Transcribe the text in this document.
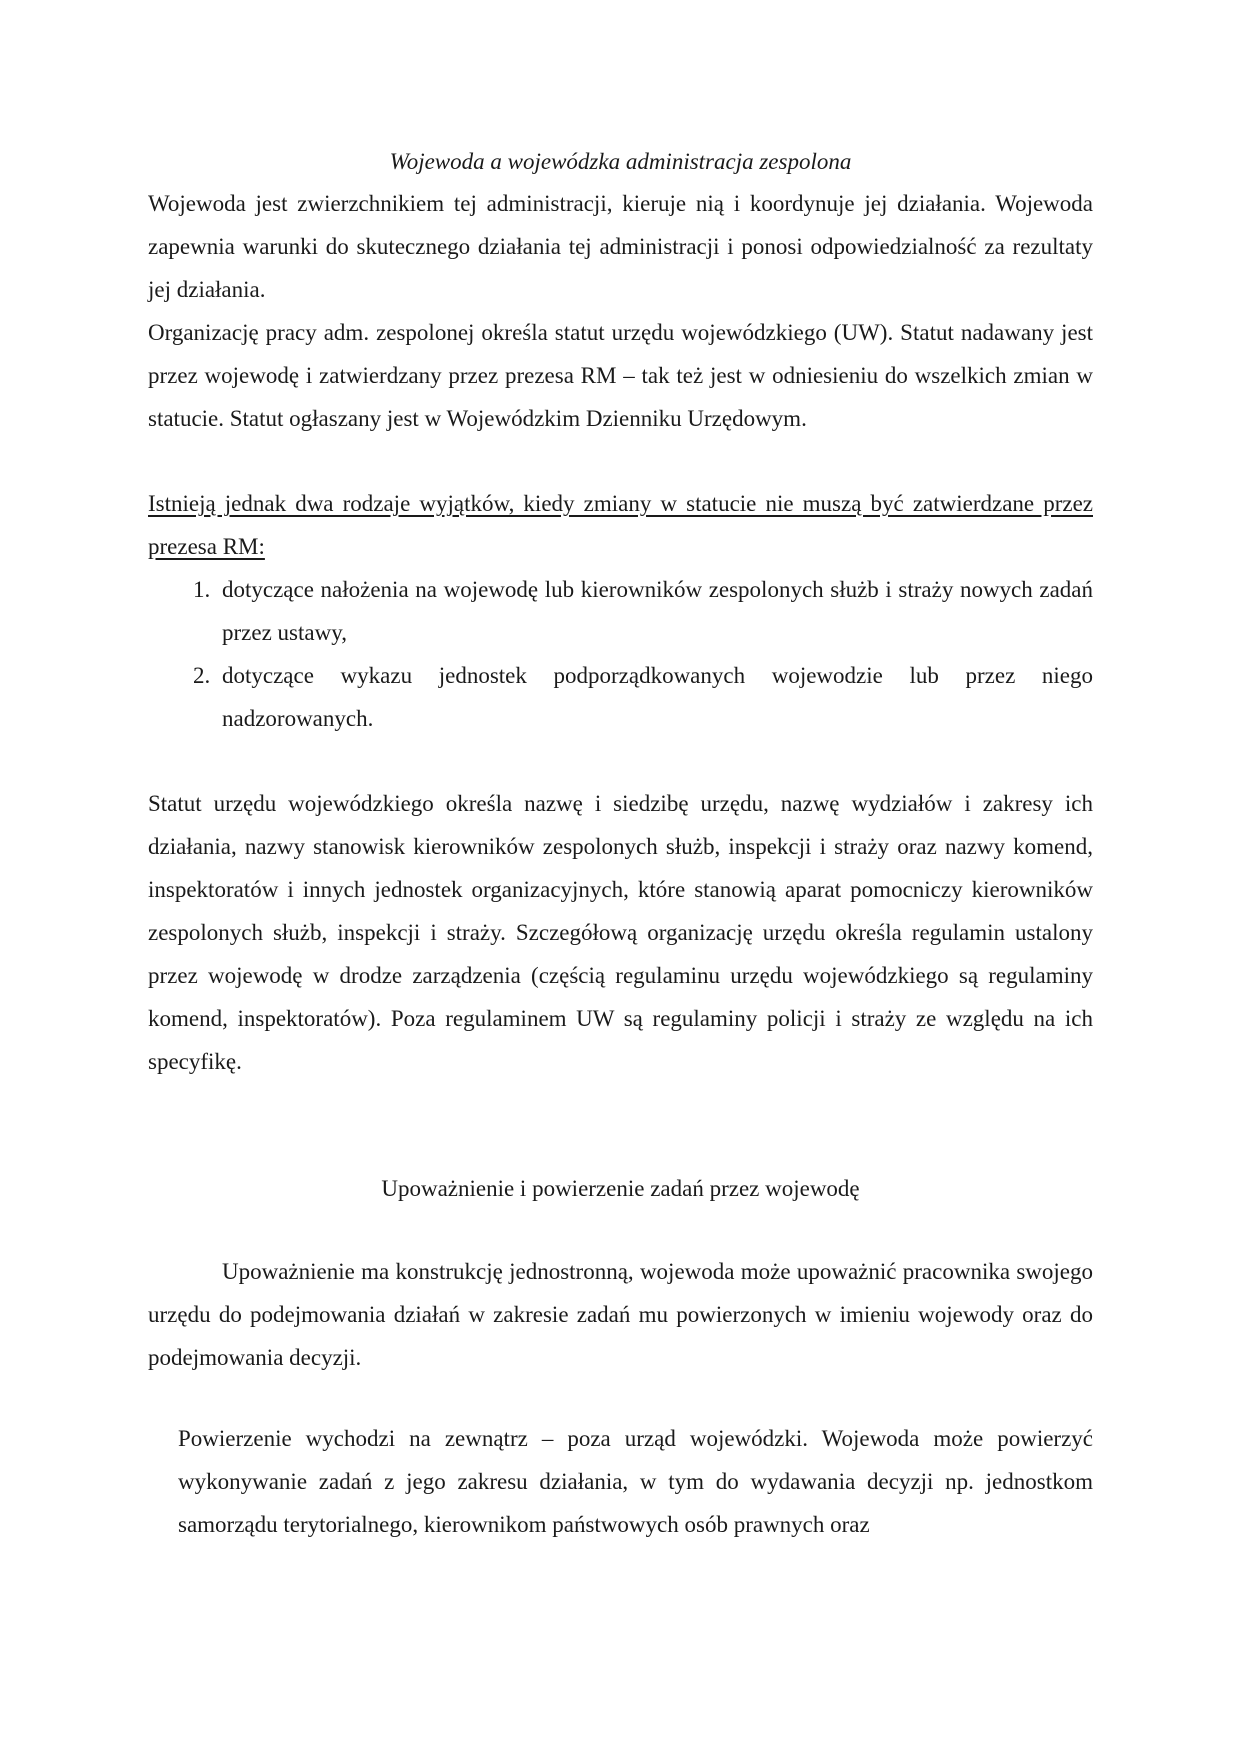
Wojewoda a wojewódzka administracja zespolona

Wojewoda jest zwierzchnikiem tej administracji, kieruje nią i koordynuje jej działania. Wojewoda zapewnia warunki do skutecznego działania tej administracji i ponosi odpowiedzialność za rezultaty jej działania.

Organizację pracy adm. zespolonej określa statut urzędu wojewódzkiego (UW). Statut nadawany jest przez wojewodę i zatwierdzany przez prezesa RM – tak też jest w odniesieniu do wszelkich zmian w statucie. Statut ogłaszany jest w Wojewódzkim Dzienniku Urzędowym.

Istnieją jednak dwa rodzaje wyjątków, kiedy zmiany w statucie nie muszą być zatwierdzane przez prezesa RM:

1. dotyczące nałożenia na wojewodę lub kierowników zespolonych służb i straży nowych zadań przez ustawy,
2. dotyczące wykazu jednostek podporządkowanych wojewodzie lub przez niego nadzorowanych.

Statut urzędu wojewódzkiego określa nazwę i siedzibę urzędu, nazwę wydziałów i zakresy ich działania, nazwy stanowisk kierowników zespolonych służb, inspekcji i straży oraz nazwy komend, inspektoratów i innych jednostek organizacyjnych, które stanowią aparat pomocniczy kierowników zespolonych służb, inspekcji i straży. Szczegółową organizację urzędu określa regulamin ustalony przez wojewodę w drodze zarządzenia (częścią regulaminu urzędu wojewódzkiego są regulaminy komend, inspektoratów). Poza regulaminem UW są regulaminy policji i straży ze względu na ich specyfikę.

Upoważnienie i powierzenie zadań przez wojewodę

Upoważnienie ma konstrukcję jednostronną, wojewoda może upoważnić pracownika swojego urzędu do podejmowania działań w zakresie zadań mu powierzonych w imieniu wojewody oraz do podejmowania decyzji.

Powierzenie wychodzi na zewnątrz – poza urząd wojewódzki. Wojewoda może powierzyć wykonywanie zadań z jego zakresu działania, w tym do wydawania decyzji np. jednostkom samorządu terytorialnego, kierownikom państwowych osób prawnych oraz
